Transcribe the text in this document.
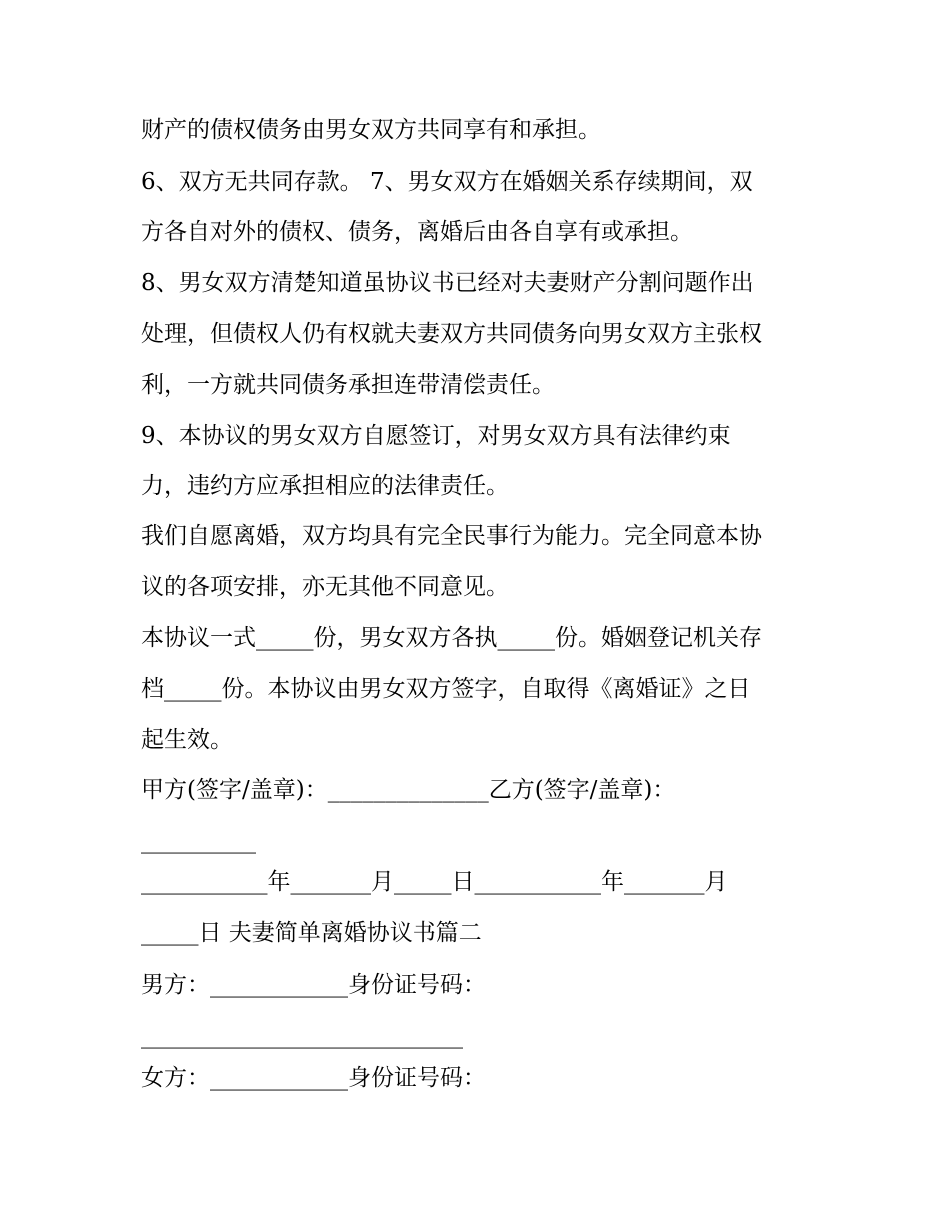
财产的债权债务由男女双方共同享有和承担。
6、双方无共同存款。 7、男女双方在婚姻关系存续期间，双
方各自对外的债权、债务，离婚后由各自享有或承担。
8、男女双方清楚知道虽协议书已经对夫妻财产分割问题作出
处理，但债权人仍有权就夫妻双方共同债务向男女双方主张权
利，一方就共同债务承担连带清偿责任。
9、本协议的男女双方自愿签订，对男女双方具有法律约束
力，违约方应承担相应的法律责任。
我们自愿离婚，双方均具有完全民事行为能力。完全同意本协
议的各项安排，亦无其他不同意见。
本协议一式_____份，男女双方各执_____份。婚姻登记机关存
档_____份。本协议由男女双方签字，自取得《离婚证》之日
起生效。
甲方(签字/盖章)：______________乙方(签字/盖章)：
__________
___________年_______月_____日___________年_______月
_____日 夫妻简单离婚协议书篇二
男方：____________身份证号码：
____________________________
女方：____________身份证号码：
